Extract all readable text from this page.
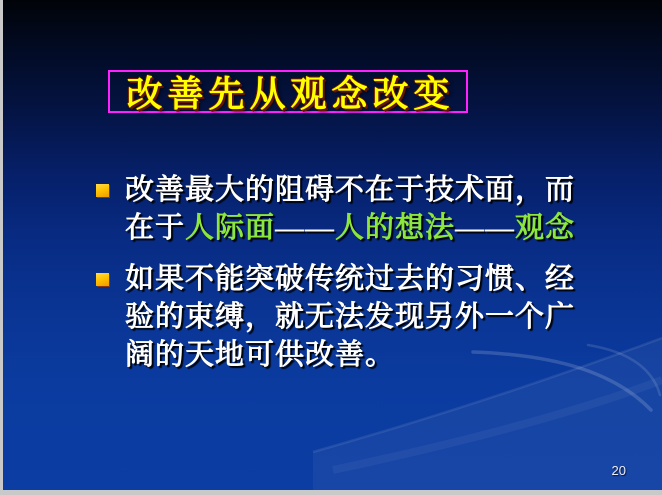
改善先从观念改变
改善最大的阻碍不在于技术面，而
在于人际面——人的想法——观念
如果不能突破传统过去的习惯、经
验的束缚，就无法发现另外一个广
阔的天地可供改善。
20
